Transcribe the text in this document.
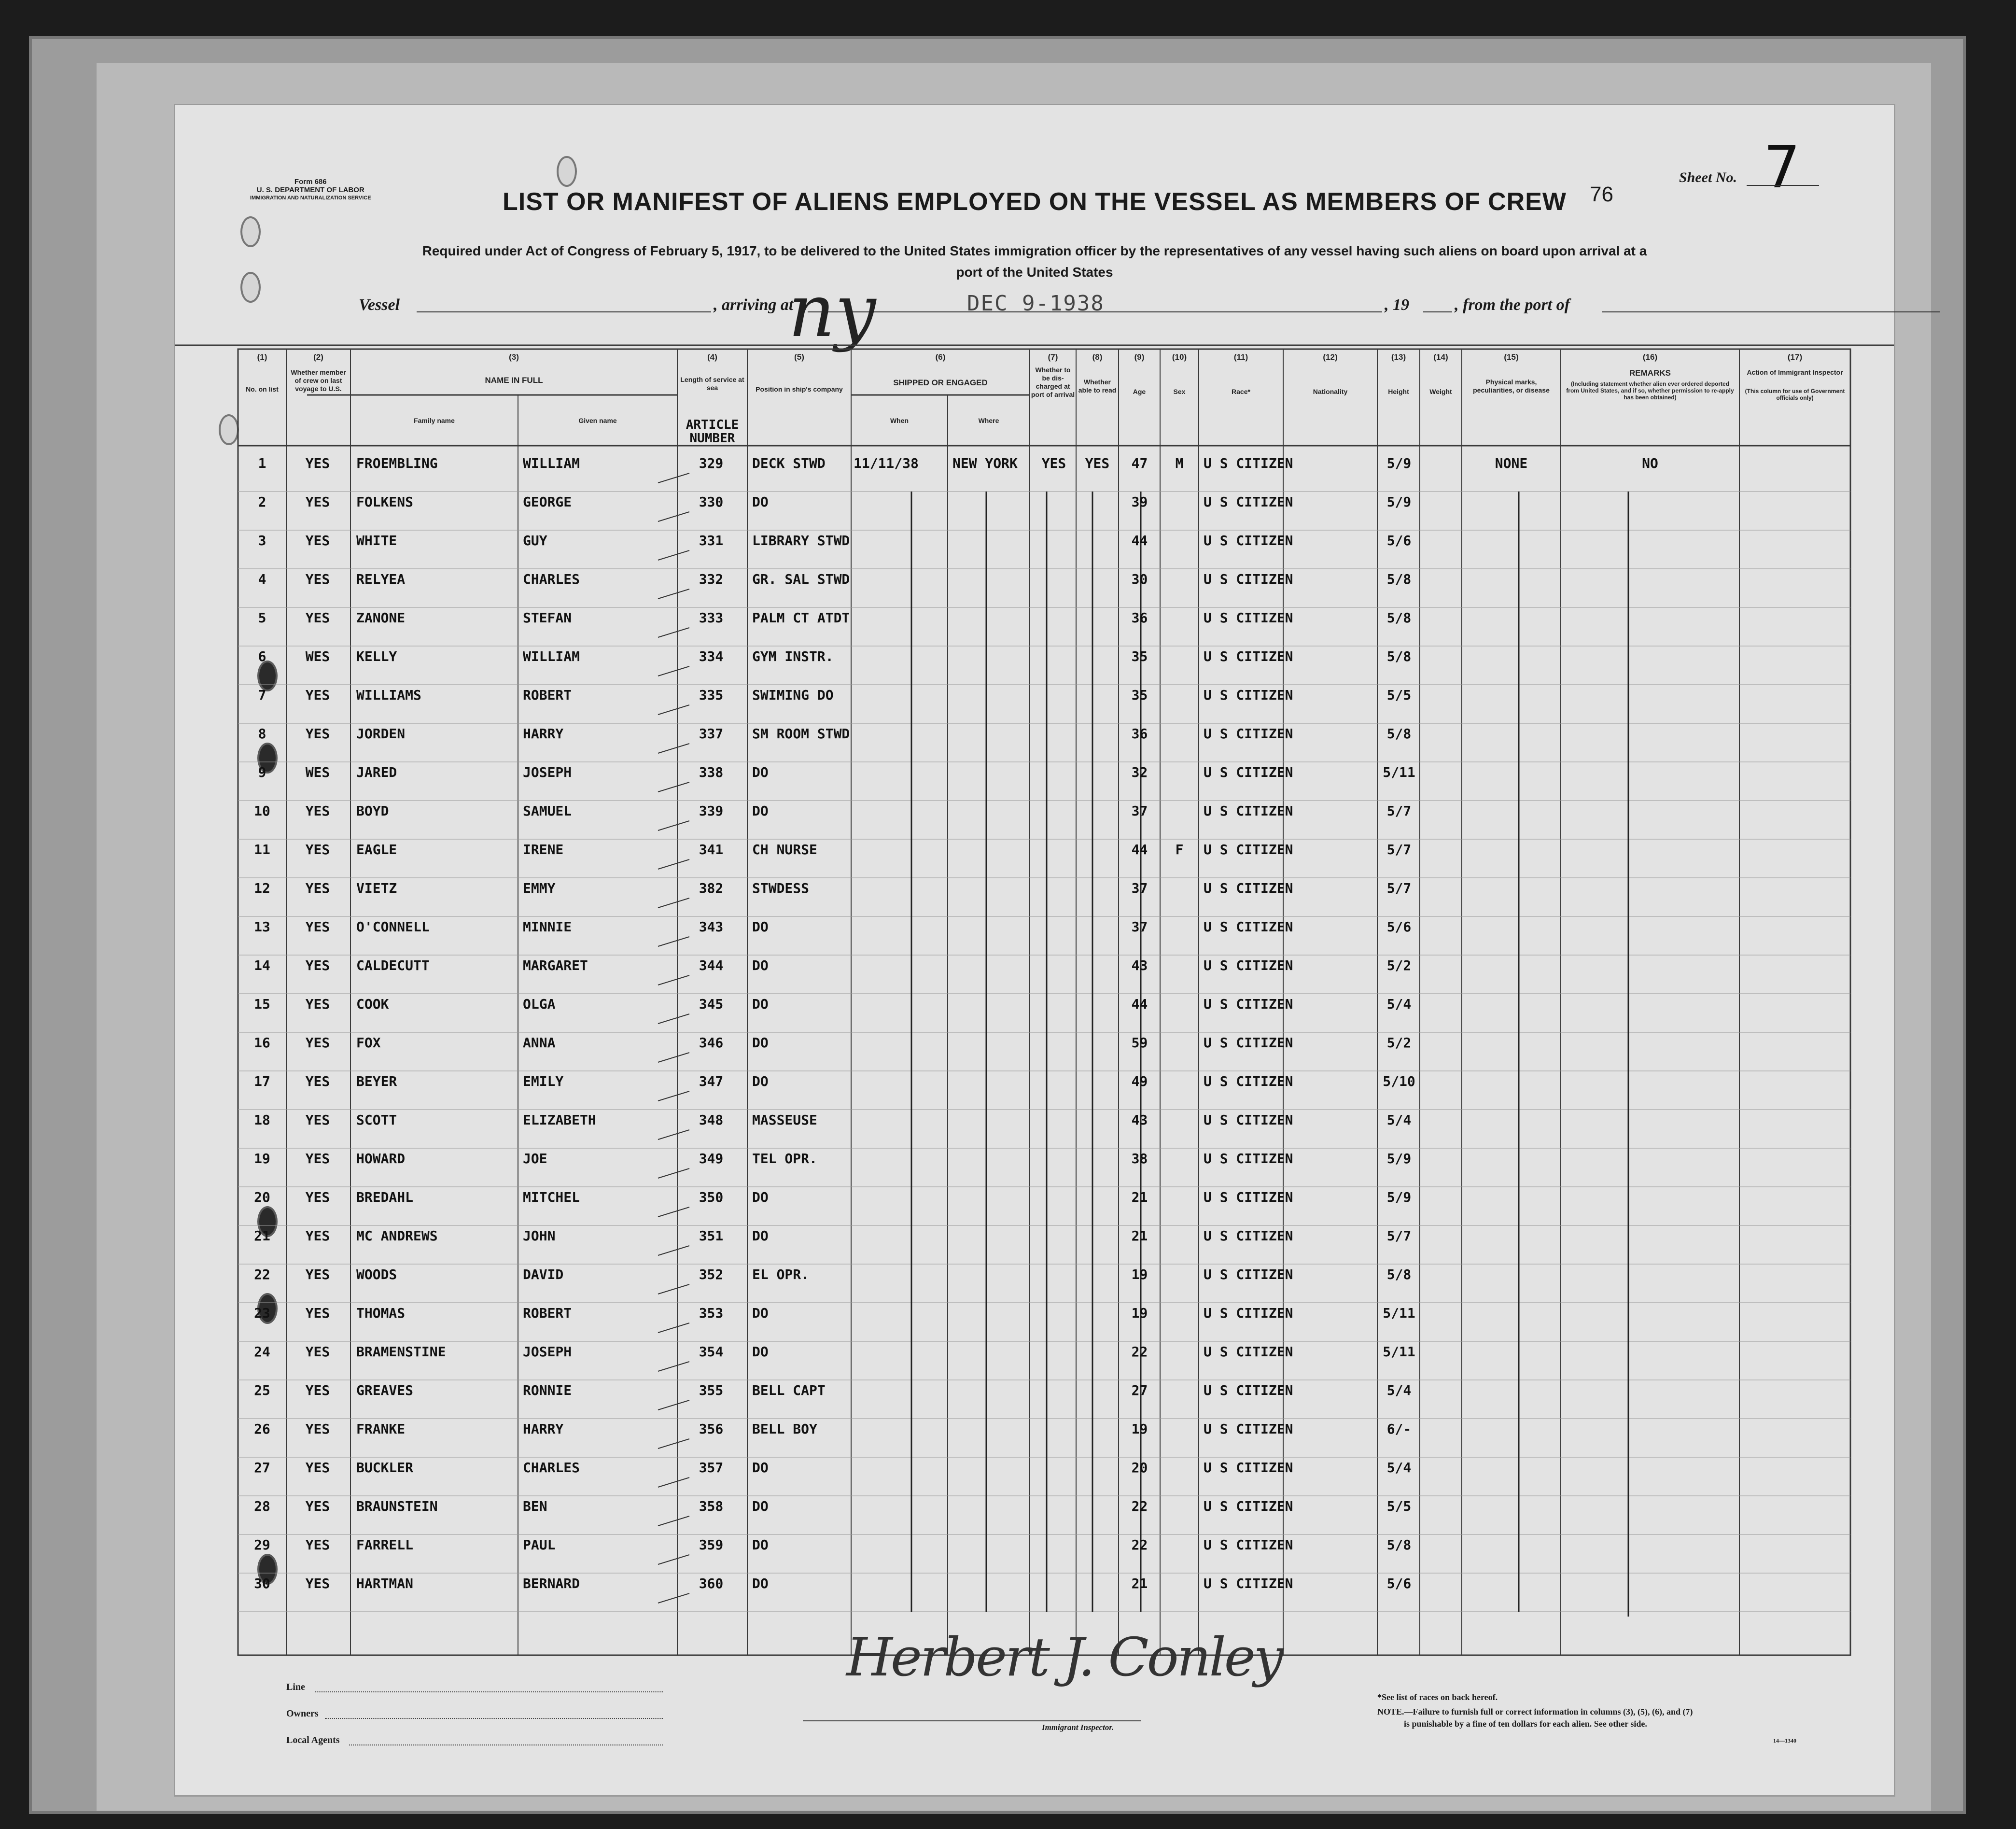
Form 686
U. S. DEPARTMENT OF LABOR
IMMIGRATION AND NATURALIZATION SERVICE	76
Sheet No. 7
LIST OR MANIFEST OF ALIENS EMPLOYED ON THE VESSEL AS MEMBERS OF CREW
Required under Act of Congress of February 5, 1917, to be delivered to the United States immigration officer by the representatives of any vessel having such aliens on board upon arrival at a
port of the United States
Vessel	, arriving at	, 19	, from the port of
ny	DEC 9-1938
(1)	(2)	(3)	(4)	(5)	(6)	(7)	(8)	(9)	(10)	(11)	(12)	(13)	(14)	(15)	(16)	(17)
No. on list
Whether member of crew on last voyage to U.S.
NAME IN FULL
Family name	Given name
Length of service at sea
ARTICLE NUMBER
Position in ship's company
SHIPPED OR ENGAGED
When	Where
Whether to be dis-charged at port of arrival
Whether able to read	Age	Sex	Race*	Nationality	Height	Weight
Physical marks, peculiarities, or disease
REMARKS
(Including statement whether alien ever ordered deported from United States, and if so, whether permission to re-apply has been obtained)
Action of Immigrant Inspector
(This column for use of Government officials only)
1	YES	FROEMBLING	WILLIAM	329	DECK STWD	11/11/38	NEW YORK	YES	YES	47	M	U S CITIZEN	5/9	NONE	NO
2	YES	FOLKENS	GEORGE	330	DO	39	U S CITIZEN	5/9
3	YES	WHITE	GUY	331	LIBRARY STWD	44	U S CITIZEN	5/6
4	YES	RELYEA	CHARLES	332	GR. SAL STWD	30	U S CITIZEN	5/8
5	YES	ZANONE	STEFAN	333	PALM CT ATDT	36	U S CITIZEN	5/8
6	WES	KELLY	WILLIAM	334	GYM INSTR.	35	U S CITIZEN	5/8
7	YES	WILLIAMS	ROBERT	335	SWIMING DO	35	U S CITIZEN	5/5
8	YES	JORDEN	HARRY	337	SM ROOM STWD	36	U S CITIZEN	5/8
9	WES	JARED	JOSEPH	338	DO	32	U S CITIZEN	5/11
10	YES	BOYD	SAMUEL	339	DO	37	U S CITIZEN	5/7
11	YES	EAGLE	IRENE	341	CH NURSE	44	F	U S CITIZEN	5/7
12	YES	VIETZ	EMMY	382	STWDESS	37	U S CITIZEN	5/7
13	YES	O'CONNELL	MINNIE	343	DO	37	U S CITIZEN	5/6
14	YES	CALDECUTT	MARGARET	344	DO	43	U S CITIZEN	5/2
15	YES	COOK	OLGA	345	DO	44	U S CITIZEN	5/4
16	YES	FOX	ANNA	346	DO	59	U S CITIZEN	5/2
17	YES	BEYER	EMILY	347	DO	49	U S CITIZEN	5/10
18	YES	SCOTT	ELIZABETH	348	MASSEUSE	43	U S CITIZEN	5/4
19	YES	HOWARD	JOE	349	TEL OPR.	38	U S CITIZEN	5/9
20	YES	BREDAHL	MITCHEL	350	DO	21	U S CITIZEN	5/9
21	YES	MC ANDREWS	JOHN	351	DO	21	U S CITIZEN	5/7
22	YES	WOODS	DAVID	352	EL OPR.	19	U S CITIZEN	5/8
23	YES	THOMAS	ROBERT	353	DO	19	U S CITIZEN	5/11
24	YES	BRAMENSTINE	JOSEPH	354	DO	22	U S CITIZEN	5/11
25	YES	GREAVES	RONNIE	355	BELL CAPT	27	U S CITIZEN	5/4
26	YES	FRANKE	HARRY	356	BELL BOY	19	U S CITIZEN	6/-
27	YES	BUCKLER	CHARLES	357	DO	20	U S CITIZEN	5/4
28	YES	BRAUNSTEIN	BEN	358	DO	22	U S CITIZEN	5/5
29	YES	FARRELL	PAUL	359	DO	22	U S CITIZEN	5/8
30	YES	HARTMAN	BERNARD	360	DO	21	U S CITIZEN	5/6
Line
Owners
Local Agents
Herbert J. Conley
Immigrant Inspector.
*See list of races on back hereof.
NOTE.—Failure to furnish full or correct information in columns (3), (5), (6), and (7)
is punishable by a fine of ten dollars for each alien. See other side.
14—1340
